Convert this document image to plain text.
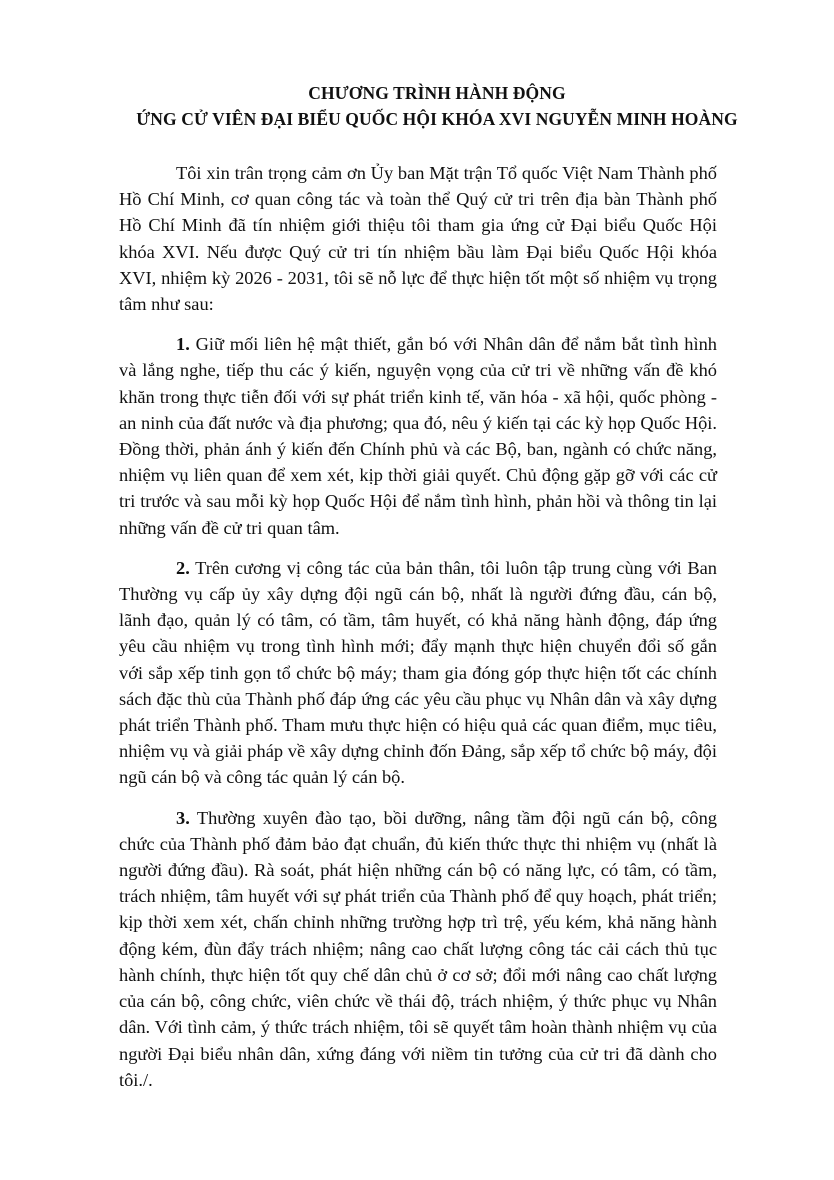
CHƯƠNG TRÌNH HÀNH ĐỘNG
ỨNG CỬ VIÊN ĐẠI BIỂU QUỐC HỘI KHÓA XVI NGUYỄN MINH HOÀNG

Tôi xin trân trọng cảm ơn Ủy ban Mặt trận Tổ quốc Việt Nam Thành phố Hồ Chí Minh, cơ quan công tác và toàn thể Quý cử tri trên địa bàn Thành phố Hồ Chí Minh đã tín nhiệm giới thiệu tôi tham gia ứng cử Đại biểu Quốc Hội khóa XVI. Nếu được Quý cử tri tín nhiệm bầu làm Đại biểu Quốc Hội khóa XVI, nhiệm kỳ 2026 - 2031, tôi sẽ nỗ lực để thực hiện tốt một số nhiệm vụ trọng tâm như sau:

1. Giữ mối liên hệ mật thiết, gắn bó với Nhân dân để nắm bắt tình hình và lắng nghe, tiếp thu các ý kiến, nguyện vọng của cử tri về những vấn đề khó khăn trong thực tiễn đối với sự phát triển kinh tế, văn hóa - xã hội, quốc phòng - an ninh của đất nước và địa phương; qua đó, nêu ý kiến tại các kỳ họp Quốc Hội. Đồng thời, phản ánh ý kiến đến Chính phủ và các Bộ, ban, ngành có chức năng, nhiệm vụ liên quan để xem xét, kịp thời giải quyết. Chủ động gặp gỡ với các cử tri trước và sau mỗi kỳ họp Quốc Hội để nắm tình hình, phản hồi và thông tin lại những vấn đề cử tri quan tâm.

2. Trên cương vị công tác của bản thân, tôi luôn tập trung cùng với Ban Thường vụ cấp ủy xây dựng đội ngũ cán bộ, nhất là người đứng đầu, cán bộ, lãnh đạo, quản lý có tâm, có tầm, tâm huyết, có khả năng hành động, đáp ứng yêu cầu nhiệm vụ trong tình hình mới; đẩy mạnh thực hiện chuyển đổi số gắn với sắp xếp tinh gọn tổ chức bộ máy; tham gia đóng góp thực hiện tốt các chính sách đặc thù của Thành phố đáp ứng các yêu cầu phục vụ Nhân dân và xây dựng phát triển Thành phố. Tham mưu thực hiện có hiệu quả các quan điểm, mục tiêu, nhiệm vụ và giải pháp về xây dựng chỉnh đốn Đảng, sắp xếp tổ chức bộ máy, đội ngũ cán bộ và công tác quản lý cán bộ.

3. Thường xuyên đào tạo, bồi dưỡng, nâng tầm đội ngũ cán bộ, công chức của Thành phố đảm bảo đạt chuẩn, đủ kiến thức thực thi nhiệm vụ (nhất là người đứng đầu). Rà soát, phát hiện những cán bộ có năng lực, có tâm, có tầm, trách nhiệm, tâm huyết với sự phát triển của Thành phố để quy hoạch, phát triển; kịp thời xem xét, chấn chỉnh những trường hợp trì trệ, yếu kém, khả năng hành động kém, đùn đẩy trách nhiệm; nâng cao chất lượng công tác cải cách thủ tục hành chính, thực hiện tốt quy chế dân chủ ở cơ sở; đổi mới nâng cao chất lượng của cán bộ, công chức, viên chức về thái độ, trách nhiệm, ý thức phục vụ Nhân dân. Với tình cảm, ý thức trách nhiệm, tôi sẽ quyết tâm hoàn thành nhiệm vụ của người Đại biểu nhân dân, xứng đáng với niềm tin tưởng của cử tri đã dành cho tôi./.
